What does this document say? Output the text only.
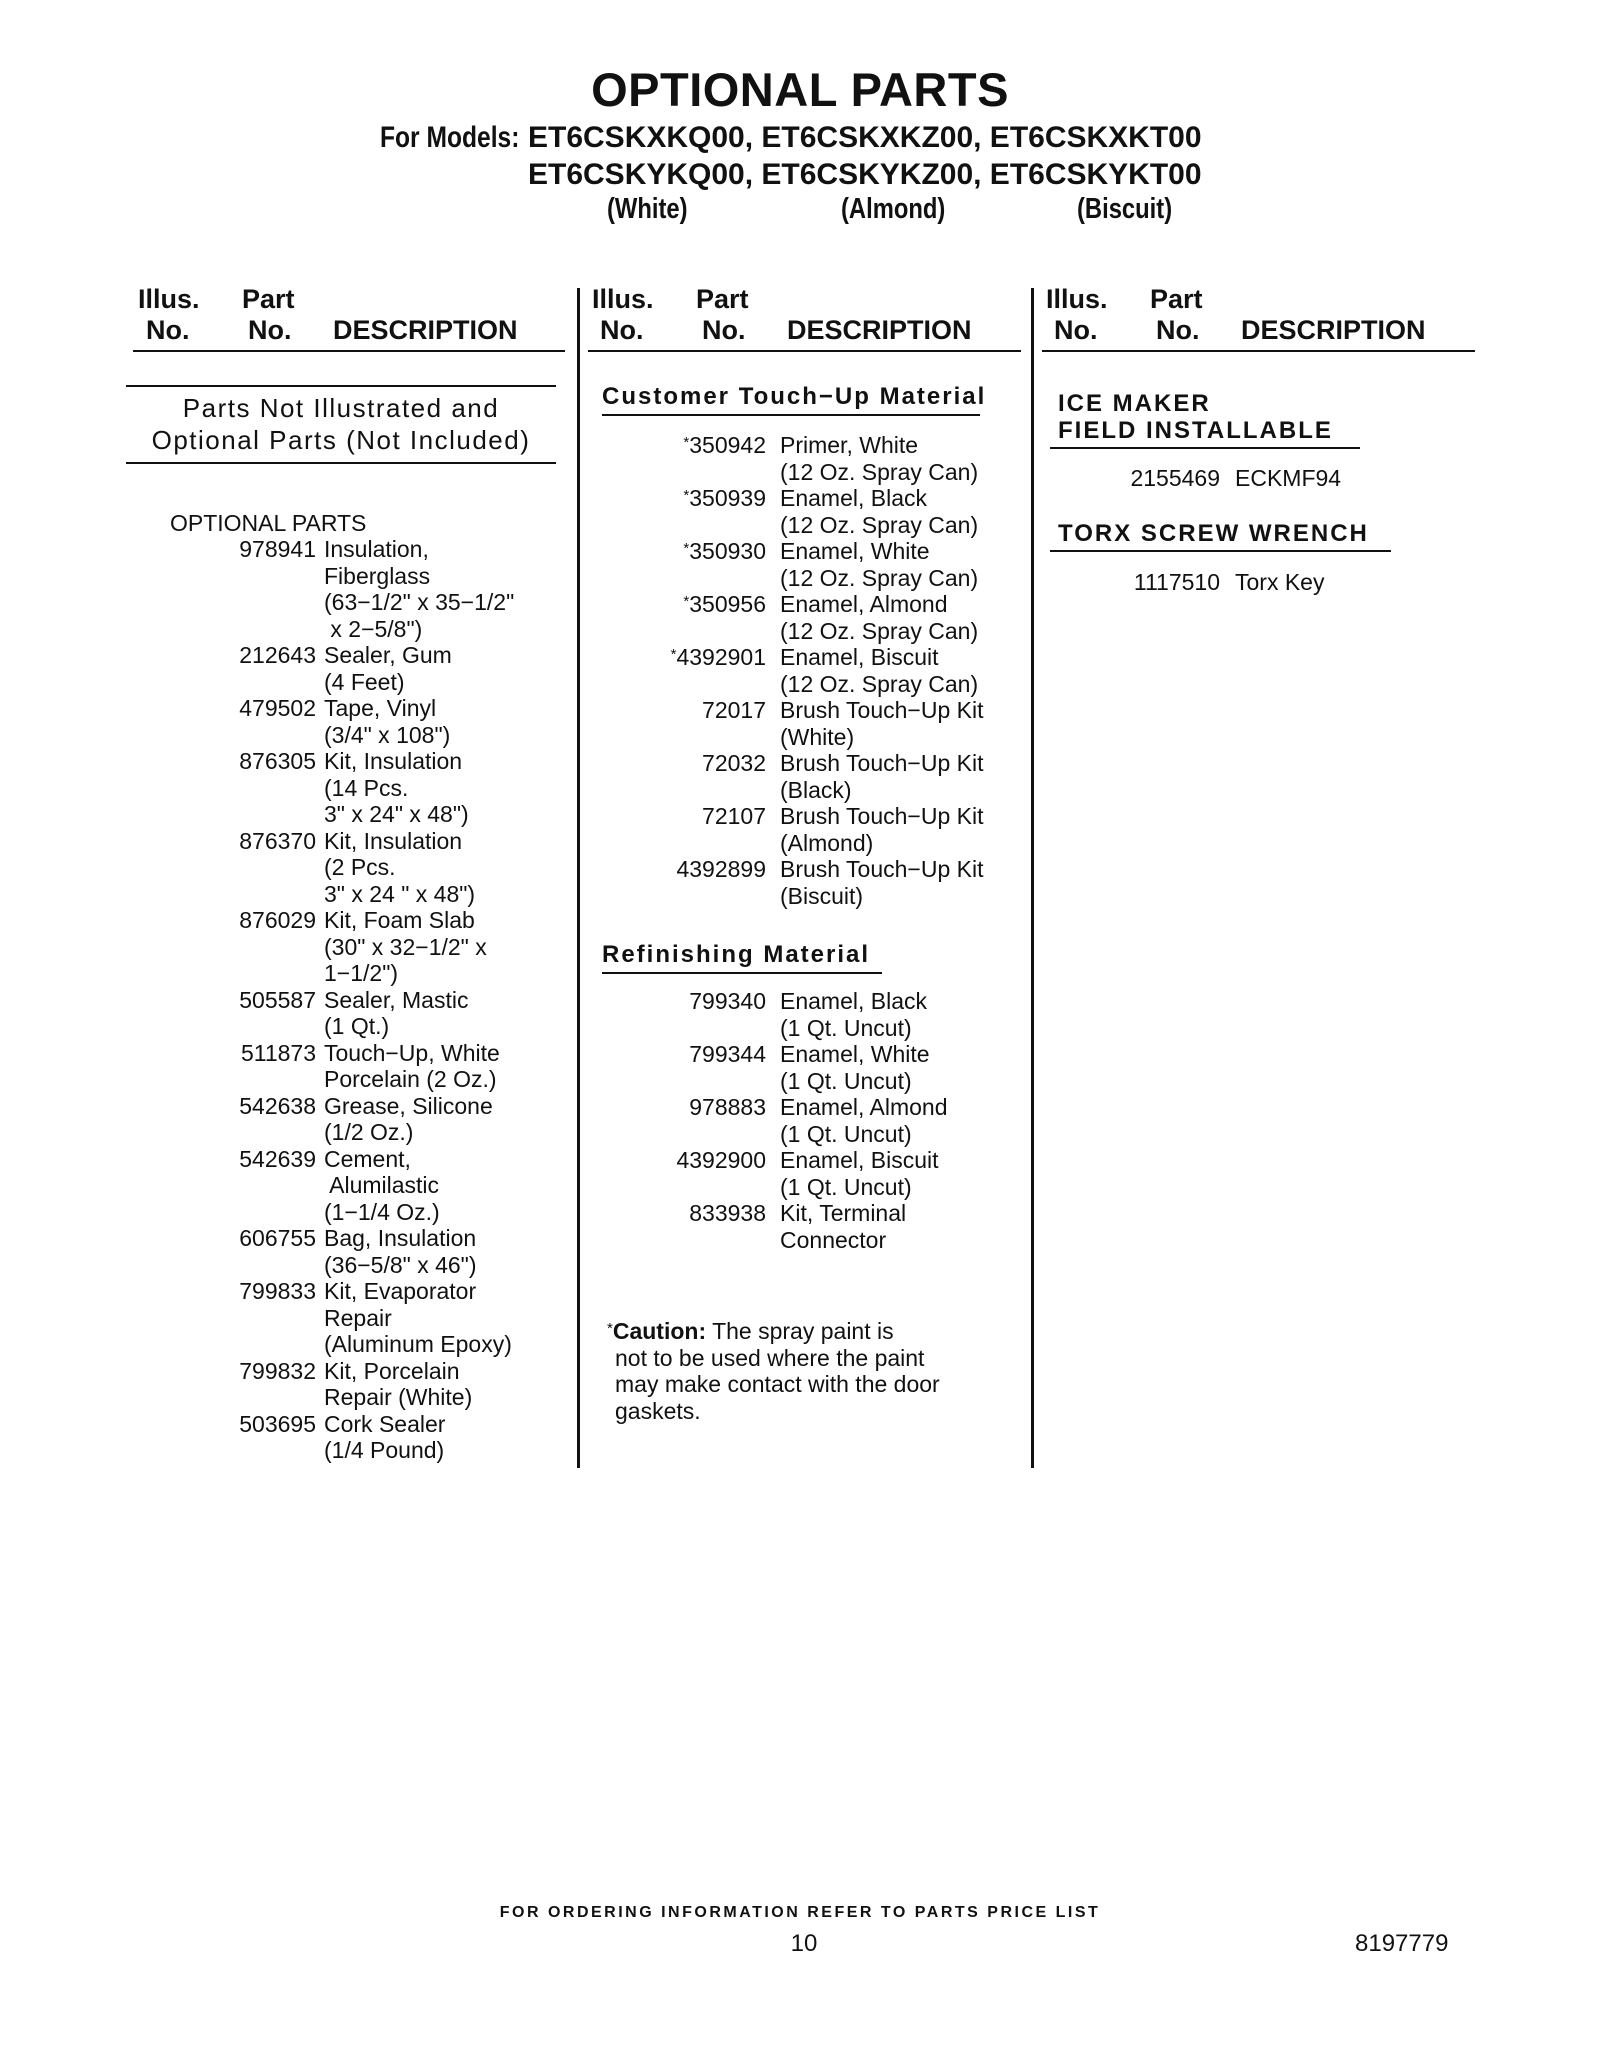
OPTIONAL PARTS
For Models: ET6CSKXKQ00, ET6CSKXKZ00, ET6CSKXKT00
ET6CSKYKQ00, ET6CSKYKZ00, ET6CSKYKT00
(White)	(Almond)	(Biscuit)
Illus. Part
No. No. DESCRIPTION
Illus. Part
No. No. DESCRIPTION
Illus. Part
No. No. DESCRIPTION
Parts Not Illustrated and
Optional Parts (Not Included)
OPTIONAL PARTS
978941 Insulation,
Fiberglass
(63−1/2" x 35−1/2"
x 2−5/8")
212643 Sealer, Gum
(4 Feet)
479502 Tape, Vinyl
(3/4" x 108")
876305 Kit, Insulation
(14 Pcs.
3" x 24" x 48")
876370 Kit, Insulation
(2 Pcs.
3" x 24 " x 48")
876029 Kit, Foam Slab
(30" x 32−1/2" x
1−1/2")
505587 Sealer, Mastic
(1 Qt.)
511873 Touch−Up, White
Porcelain (2 Oz.)
542638 Grease, Silicone
(1/2 Oz.)
542639 Cement,
Alumilastic
(1−1/4 Oz.)
606755 Bag, Insulation
(36−5/8" x 46")
799833 Kit, Evaporator
Repair
(Aluminum Epoxy)
799832 Kit, Porcelain
Repair (White)
503695 Cork Sealer
(1/4 Pound)
Customer Touch−Up Material
*350942 Primer, White
(12 Oz. Spray Can)
*350939 Enamel, Black
(12 Oz. Spray Can)
*350930 Enamel, White
(12 Oz. Spray Can)
*350956 Enamel, Almond
(12 Oz. Spray Can)
*4392901 Enamel, Biscuit
(12 Oz. Spray Can)
72017 Brush Touch−Up Kit
(White)
72032 Brush Touch−Up Kit
(Black)
72107 Brush Touch−Up Kit
(Almond)
4392899 Brush Touch−Up Kit
(Biscuit)
Refinishing Material
799340 Enamel, Black
(1 Qt. Uncut)
799344 Enamel, White
(1 Qt. Uncut)
978883 Enamel, Almond
(1 Qt. Uncut)
4392900 Enamel, Biscuit
(1 Qt. Uncut)
833938 Kit, Terminal
Connector
*Caution: The spray paint is
not to be used where the paint
may make contact with the door
gaskets.
ICE MAKER
FIELD INSTALLABLE
2155469 ECKMF94
TORX SCREW WRENCH
1117510 Torx Key
FOR ORDERING INFORMATION REFER TO PARTS PRICE LIST
10	8197779
